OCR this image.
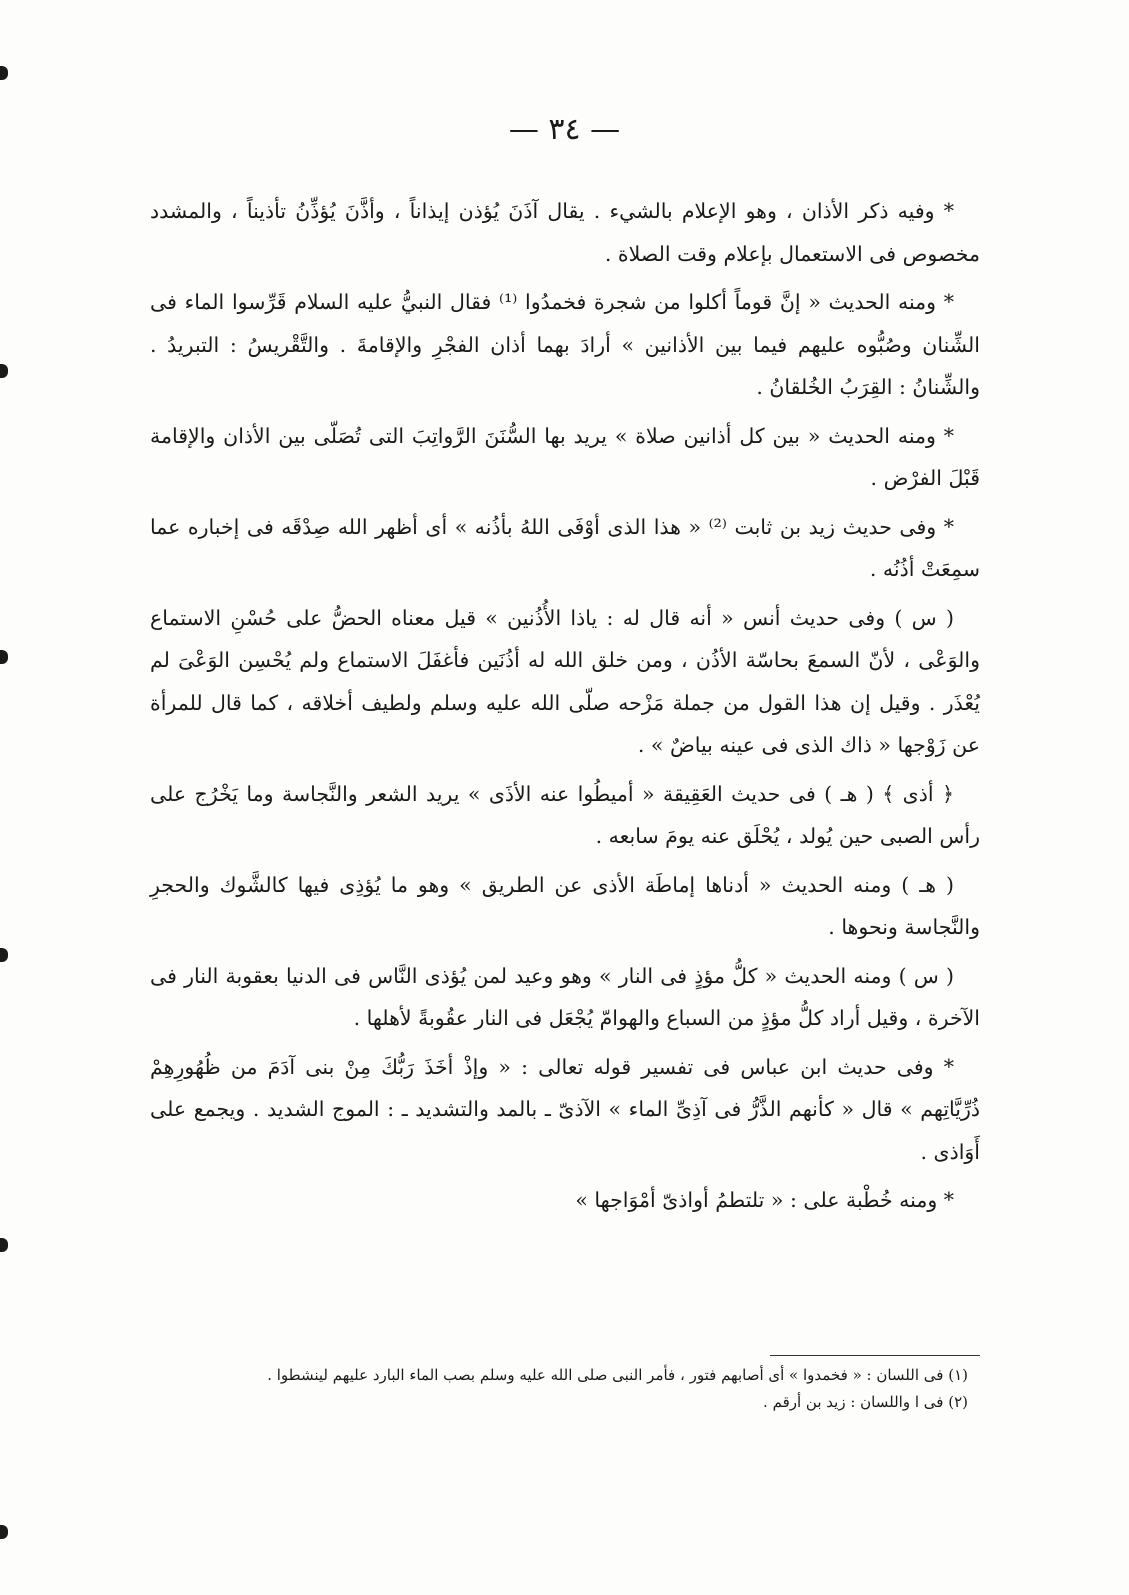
— ٣٤ —

* وفيه ذكر الأذان ، وهو الإعلام بالشيء . يقال آذَنَ يُؤذن إيذاناً ، وأذَّنَ يُؤذِّنُ تأذيناً ، والمشدد مخصوص فى الاستعمال بإعلام وقت الصلاة .

* ومنه الحديث « إنَّ قوماً أكلوا من شجرة فخمدُوا ⁽¹⁾ فقال النبيُّ عليه السلام قَرِّسوا الماء فى الشِّنان وصُبُّوه عليهم فيما بين الأذانين » أرادَ بهما أذان الفجْرِ والإقامةَ . والتَّقْريسُ : التبريدُ . والشِّنانُ : القِرَبُ الخُلقانُ .

* ومنه الحديث « بين كل أذانين صلاة » يريد بها السُّنَنَ الرَّواتِبَ التى تُصَلّى بين الأذان والإقامة قَبْلَ الفرْض .

* وفى حديث زيد بن ثابت ⁽²⁾ « هذا الذى أوْفَى اللهُ بأذُنه » أى أظهر الله صِدْقَه فى إخباره عما سمِعَتْ أذُنُه .

( س ) وفى حديث أنس « أنه قال له : ياذا الأُذُنين » قيل معناه الحضُّ على حُسْنِ الاستماع والوَعْى ، لأنّ السمعَ بحاسّة الأذُن ، ومن خلق الله له أذُنَين فأغفَلَ الاستماع ولم يُحْسِن الوَعْىَ لم يُعْذَر . وقيل إن هذا القول من جملة مَزْحه صلّى الله عليه وسلم ولطيف أخلاقه ، كما قال للمرأة عن زَوْجها « ذاك الذى فى عينه بياضٌ » .

﴿ أذى ﴾ ( هـ ) فى حديث العَقِيقة « أميطُوا عنه الأذَى » يريد الشعر والنَّجاسة وما يَخْرُج على رأس الصبى حين يُولد ، يُحْلَق عنه يومَ سابعه .

( هـ ) ومنه الحديث « أدناها إماطَة الأذى عن الطريق » وهو ما يُؤذِى فيها كالشَّوك والحجرِ والنَّجاسة ونحوها .

( س ) ومنه الحديث « كلُّ مؤذٍ فى النار » وهو وعيد لمن يُؤذى النَّاس فى الدنيا بعقوبة النار فى الآخرة ، وقيل أراد كلُّ مؤذٍ من السباع والهوامّ يُجْعَل فى النار عقُوبةً لأهلها .

* وفى حديث ابن عباس فى تفسير قوله تعالى : « وإذْ أخَذَ رَبُّكَ مِنْ بنى آدَمَ من ظُهُورِهِمْ ذُرِّيَّاتِهم » قال « كأنهم الذَّرُّ فى آذِىِّ الماء » الآذىّ ـ بالمد والتشديد ـ : الموج الشديد . ويجمع على أَوَاذى .

* ومنه خُطْبة على : « تلتطمُ أواذىّ أمْوَاجها »

(١) فى اللسان : « فخمدوا » أى أصابهم فتور ، فأمر النبى صلى الله عليه وسلم بصب الماء البارد عليهم لينشطوا .

(٢) فى ا واللسان : زيد بن أرقم .
